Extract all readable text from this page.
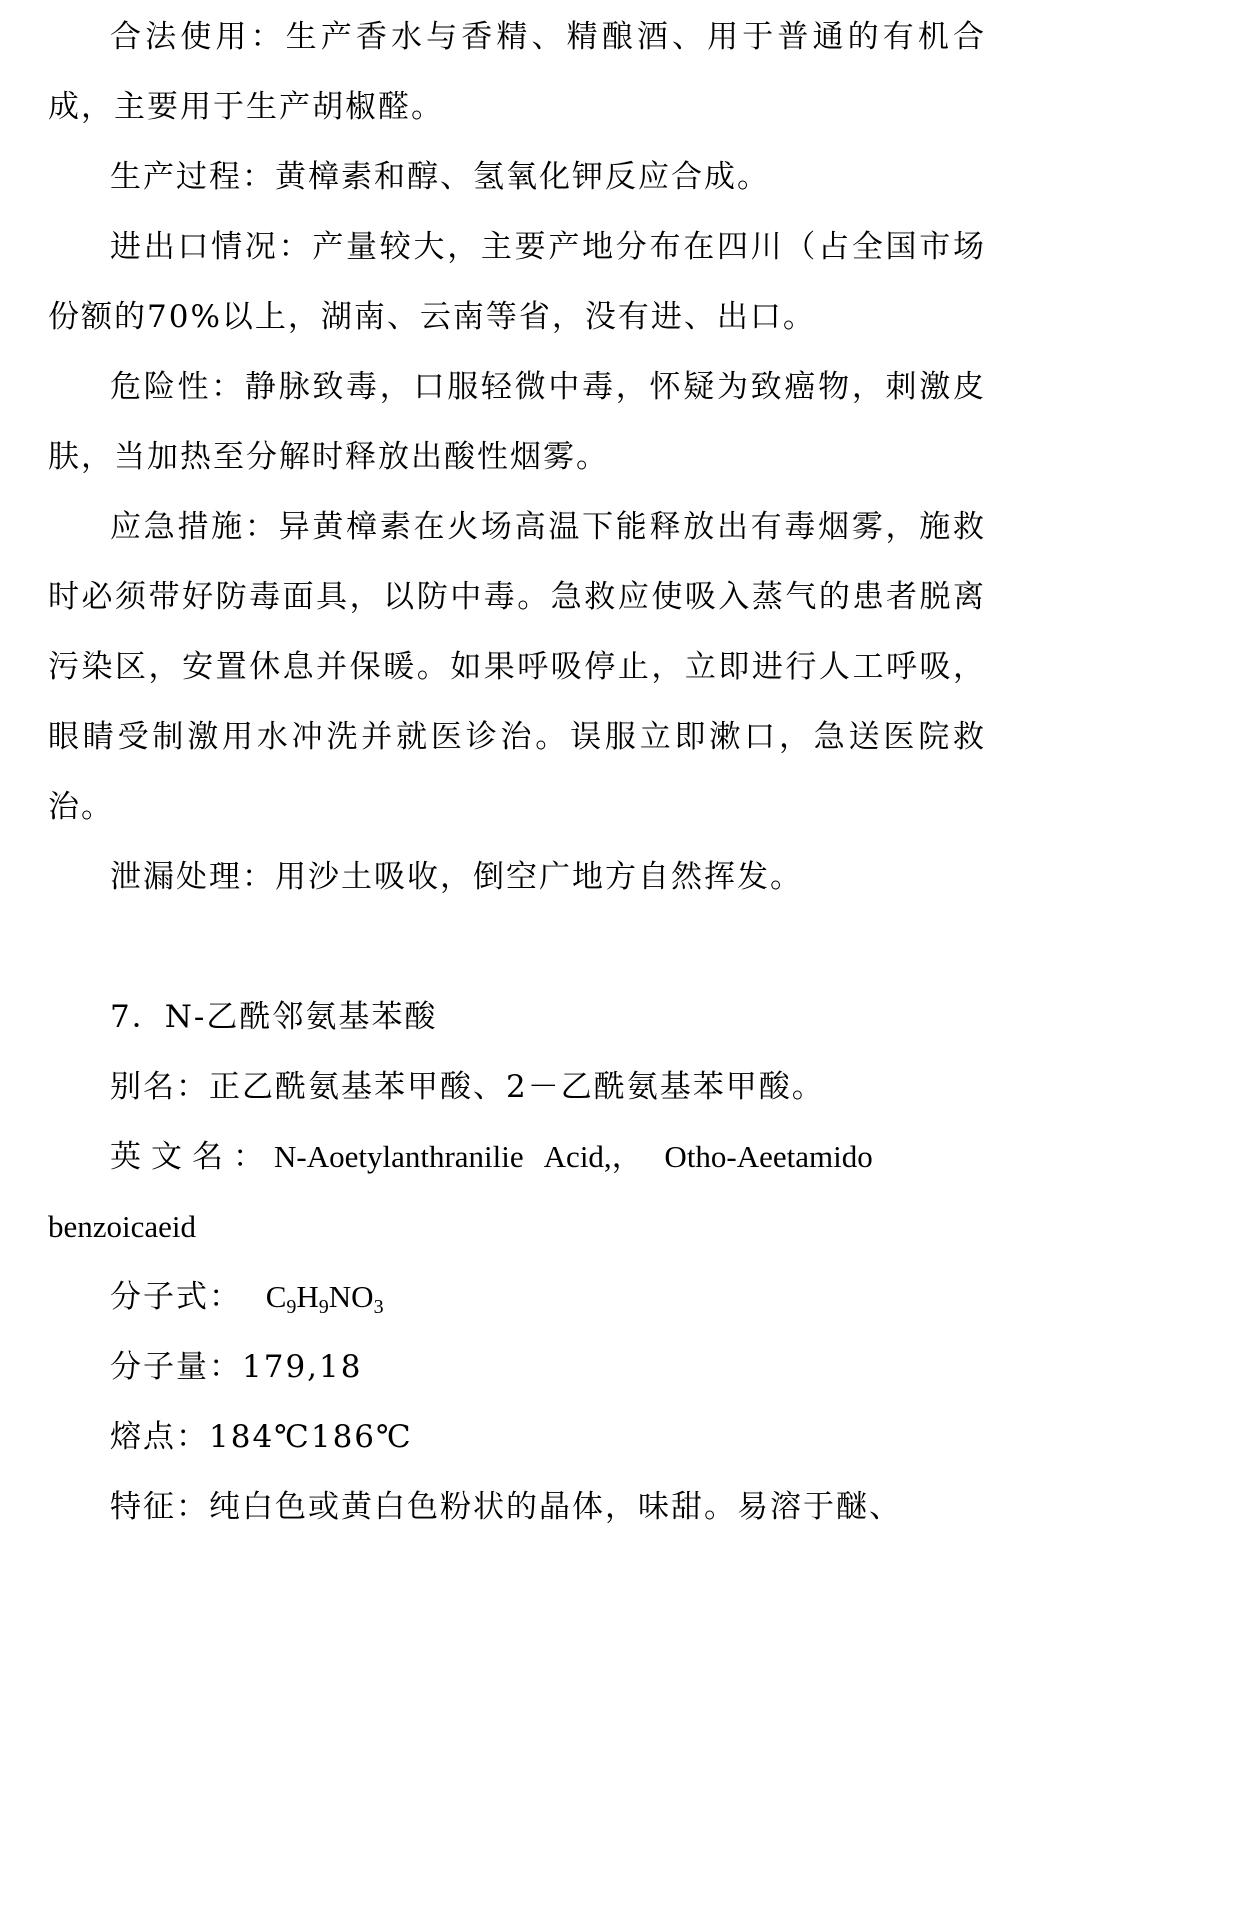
合法使用：生产香水与香精、精酿酒、用于普通的有机合成，主要用于生产胡椒醛。

生产过程：黄樟素和醇、氢氧化钾反应合成。

进出口情况：产量较大，主要产地分布在四川（占全国市场份额的70%以上，湖南、云南等省，没有进、出口。

危险性：静脉致毒，口服轻微中毒，怀疑为致癌物，刺激皮肤，当加热至分解时释放出酸性烟雾。

应急措施：异黄樟素在火场高温下能释放出有毒烟雾，施救时必须带好防毒面具，以防中毒。急救应使吸入蒸气的患者脱离污染区，安置休息并保暖。如果呼吸停止，立即进行人工呼吸，眼睛受制激用水冲洗并就医诊治。误服立即漱口，急送医院救治。

泄漏处理：用沙土吸收，倒空广地方自然挥发。

7．N-乙酰邻氨基苯酸

别名：正乙酰氨基苯甲酸、2－乙酰氨基苯甲酸。

英文名：N-Aoetylanthranilie Acid,， Otho-Aeetamido benzoicaeid

分子式： $C_9H_9NO_3$

分子量：179,18

熔点：184℃186℃

特征：纯白色或黄白色粉状的晶体，味甜。易溶于醚、
